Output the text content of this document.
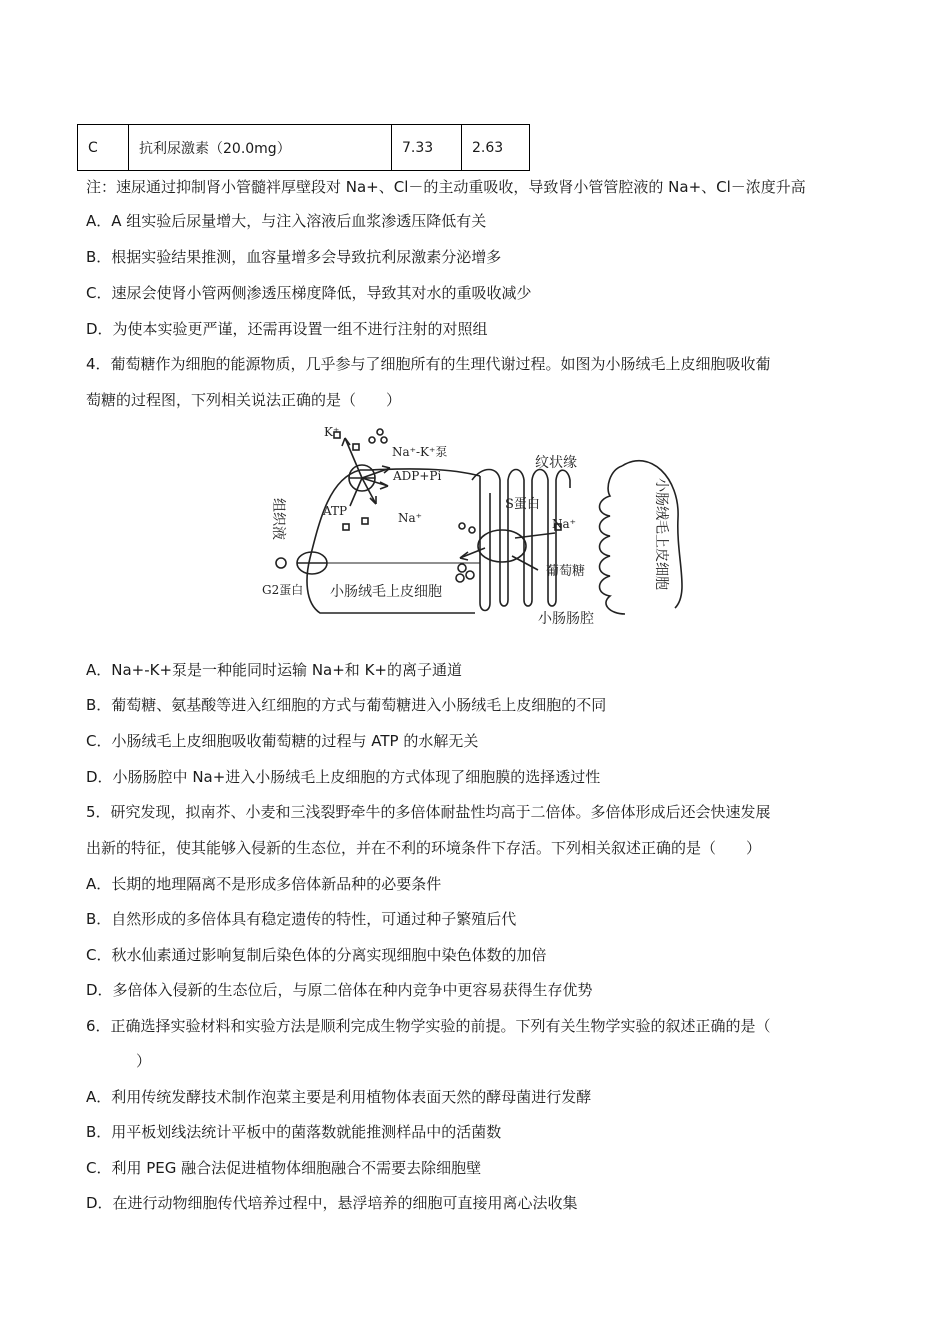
C	抗利尿激素（20.0mg）	7.33	2.63
注：速尿通过抑制肾小管髓袢厚壁段对 Na+、Cl－的主动重吸收，导致肾小管管腔液的 Na+、Cl－浓度升高
A．A 组实验后尿量增大，与注入溶液后血浆渗透压降低有关
B．根据实验结果推测，血容量增多会导致抗利尿激素分泌增多
C．速尿会使肾小管两侧渗透压梯度降低，导致其对水的重吸收减少
D．为使本实验更严谨，还需再设置一组不进行注射的对照组
4．葡萄糖作为细胞的能源物质，几乎参与了细胞所有的生理代谢过程。如图为小肠绒毛上皮细胞吸收葡
萄糖的过程图，下列相关说法正确的是（　　）
K⁺
Na⁺-K⁺泵
ADP+Pi
ATP	Na⁺
组织液
G2蛋白 小肠绒毛上皮细胞
纹状缘
S蛋白
Na⁺
葡萄糖
小肠肠腔
小肠绒毛上皮细胞
A．Na+-K+泵是一种能同时运输 Na+和 K+的离子通道
B．葡萄糖、氨基酸等进入红细胞的方式与葡萄糖进入小肠绒毛上皮细胞的不同
C．小肠绒毛上皮细胞吸收葡萄糖的过程与 ATP 的水解无关
D．小肠肠腔中 Na+进入小肠绒毛上皮细胞的方式体现了细胞膜的选择透过性
5．研究发现，拟南芥、小麦和三浅裂野牵牛的多倍体耐盐性均高于二倍体。多倍体形成后还会快速发展
出新的特征，使其能够入侵新的生态位，并在不利的环境条件下存活。下列相关叙述正确的是（　　）
A．长期的地理隔离不是形成多倍体新品种的必要条件
B．自然形成的多倍体具有稳定遗传的特性，可通过种子繁殖后代
C．秋水仙素通过影响复制后染色体的分离实现细胞中染色体数的加倍
D．多倍体入侵新的生态位后，与原二倍体在种内竞争中更容易获得生存优势
6．正确选择实验材料和实验方法是顺利完成生物学实验的前提。下列有关生物学实验的叙述正确的是（
）
A．利用传统发酵技术制作泡菜主要是利用植物体表面天然的酵母菌进行发酵
B．用平板划线法统计平板中的菌落数就能推测样品中的活菌数
C．利用 PEG 融合法促进植物体细胞融合不需要去除细胞壁
D．在进行动物细胞传代培养过程中，悬浮培养的细胞可直接用离心法收集
